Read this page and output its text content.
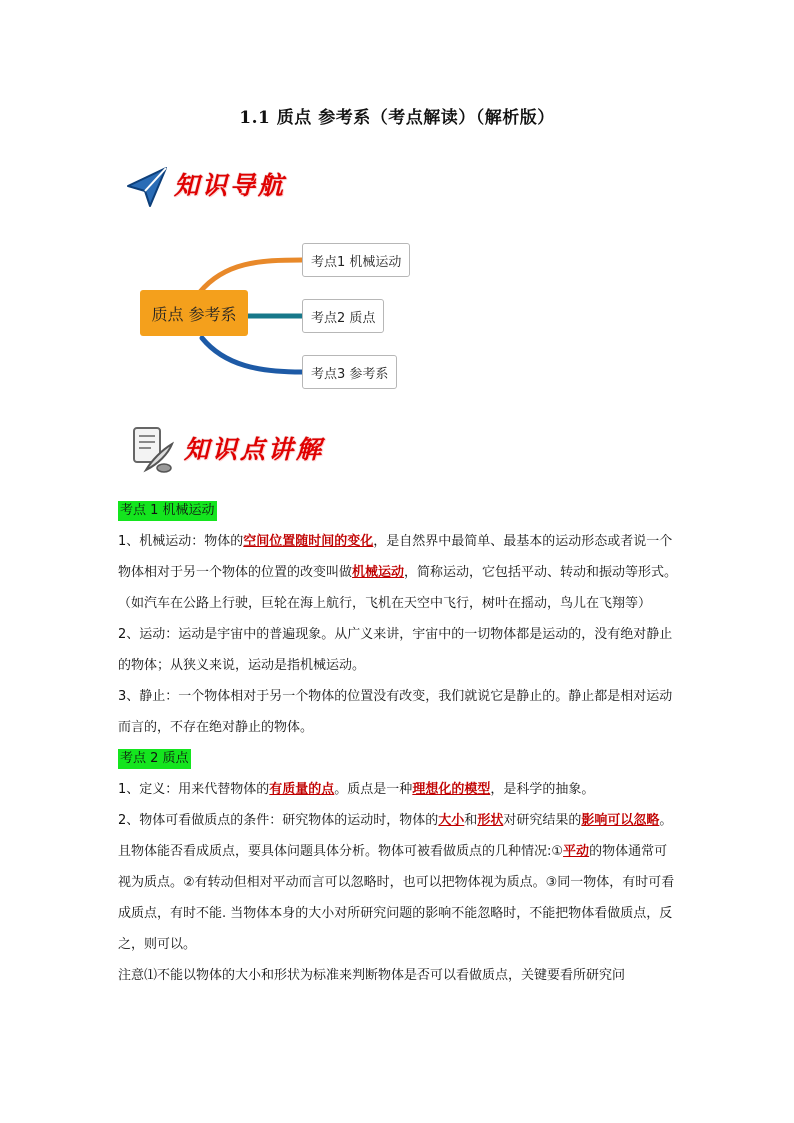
1.1 质点 参考系（考点解读）（解析版）
知识导航
质点 参考系
考点1 机械运动
考点2 质点
考点3 参考系
知识点讲解

考点 1 机械运动

1、机械运动：物体的空间位置随时间的变化，是自然界中最简单、最基本的运动形态或者说一个物体相对于另一个物体的位置的改变叫做机械运动，简称运动，它包括平动、转动和振动等形式。（如汽车在公路上行驶，巨轮在海上航行，飞机在天空中飞行，树叶在摇动，鸟儿在飞翔等）

2、运动：运动是宇宙中的普遍现象。从广义来讲，宇宙中的一切物体都是运动的，没有绝对静止的物体；从狭义来说，运动是指机械运动。

3、静止：一个物体相对于另一个物体的位置没有改变，我们就说它是静止的。静止都是相对运动而言的，不存在绝对静止的物体。

考点 2 质点

1、定义：用来代替物体的有质量的点。质点是一种理想化的模型，是科学的抽象。

2、物体可看做质点的条件：研究物体的运动时，物体的大小和形状对研究结果的影响可以忽略。且物体能否看成质点，要具体问题具体分析。物体可被看做质点的几种情况:①平动的物体通常可视为质点。②有转动但相对平动而言可以忽略时，也可以把物体视为质点。③同一物体，有时可看成质点，有时不能. 当物体本身的大小对所研究问题的影响不能忽略时，不能把物体看做质点，反之，则可以。

注意⑴不能以物体的大小和形状为标准来判断物体是否可以看做质点，关键要看所研究问
